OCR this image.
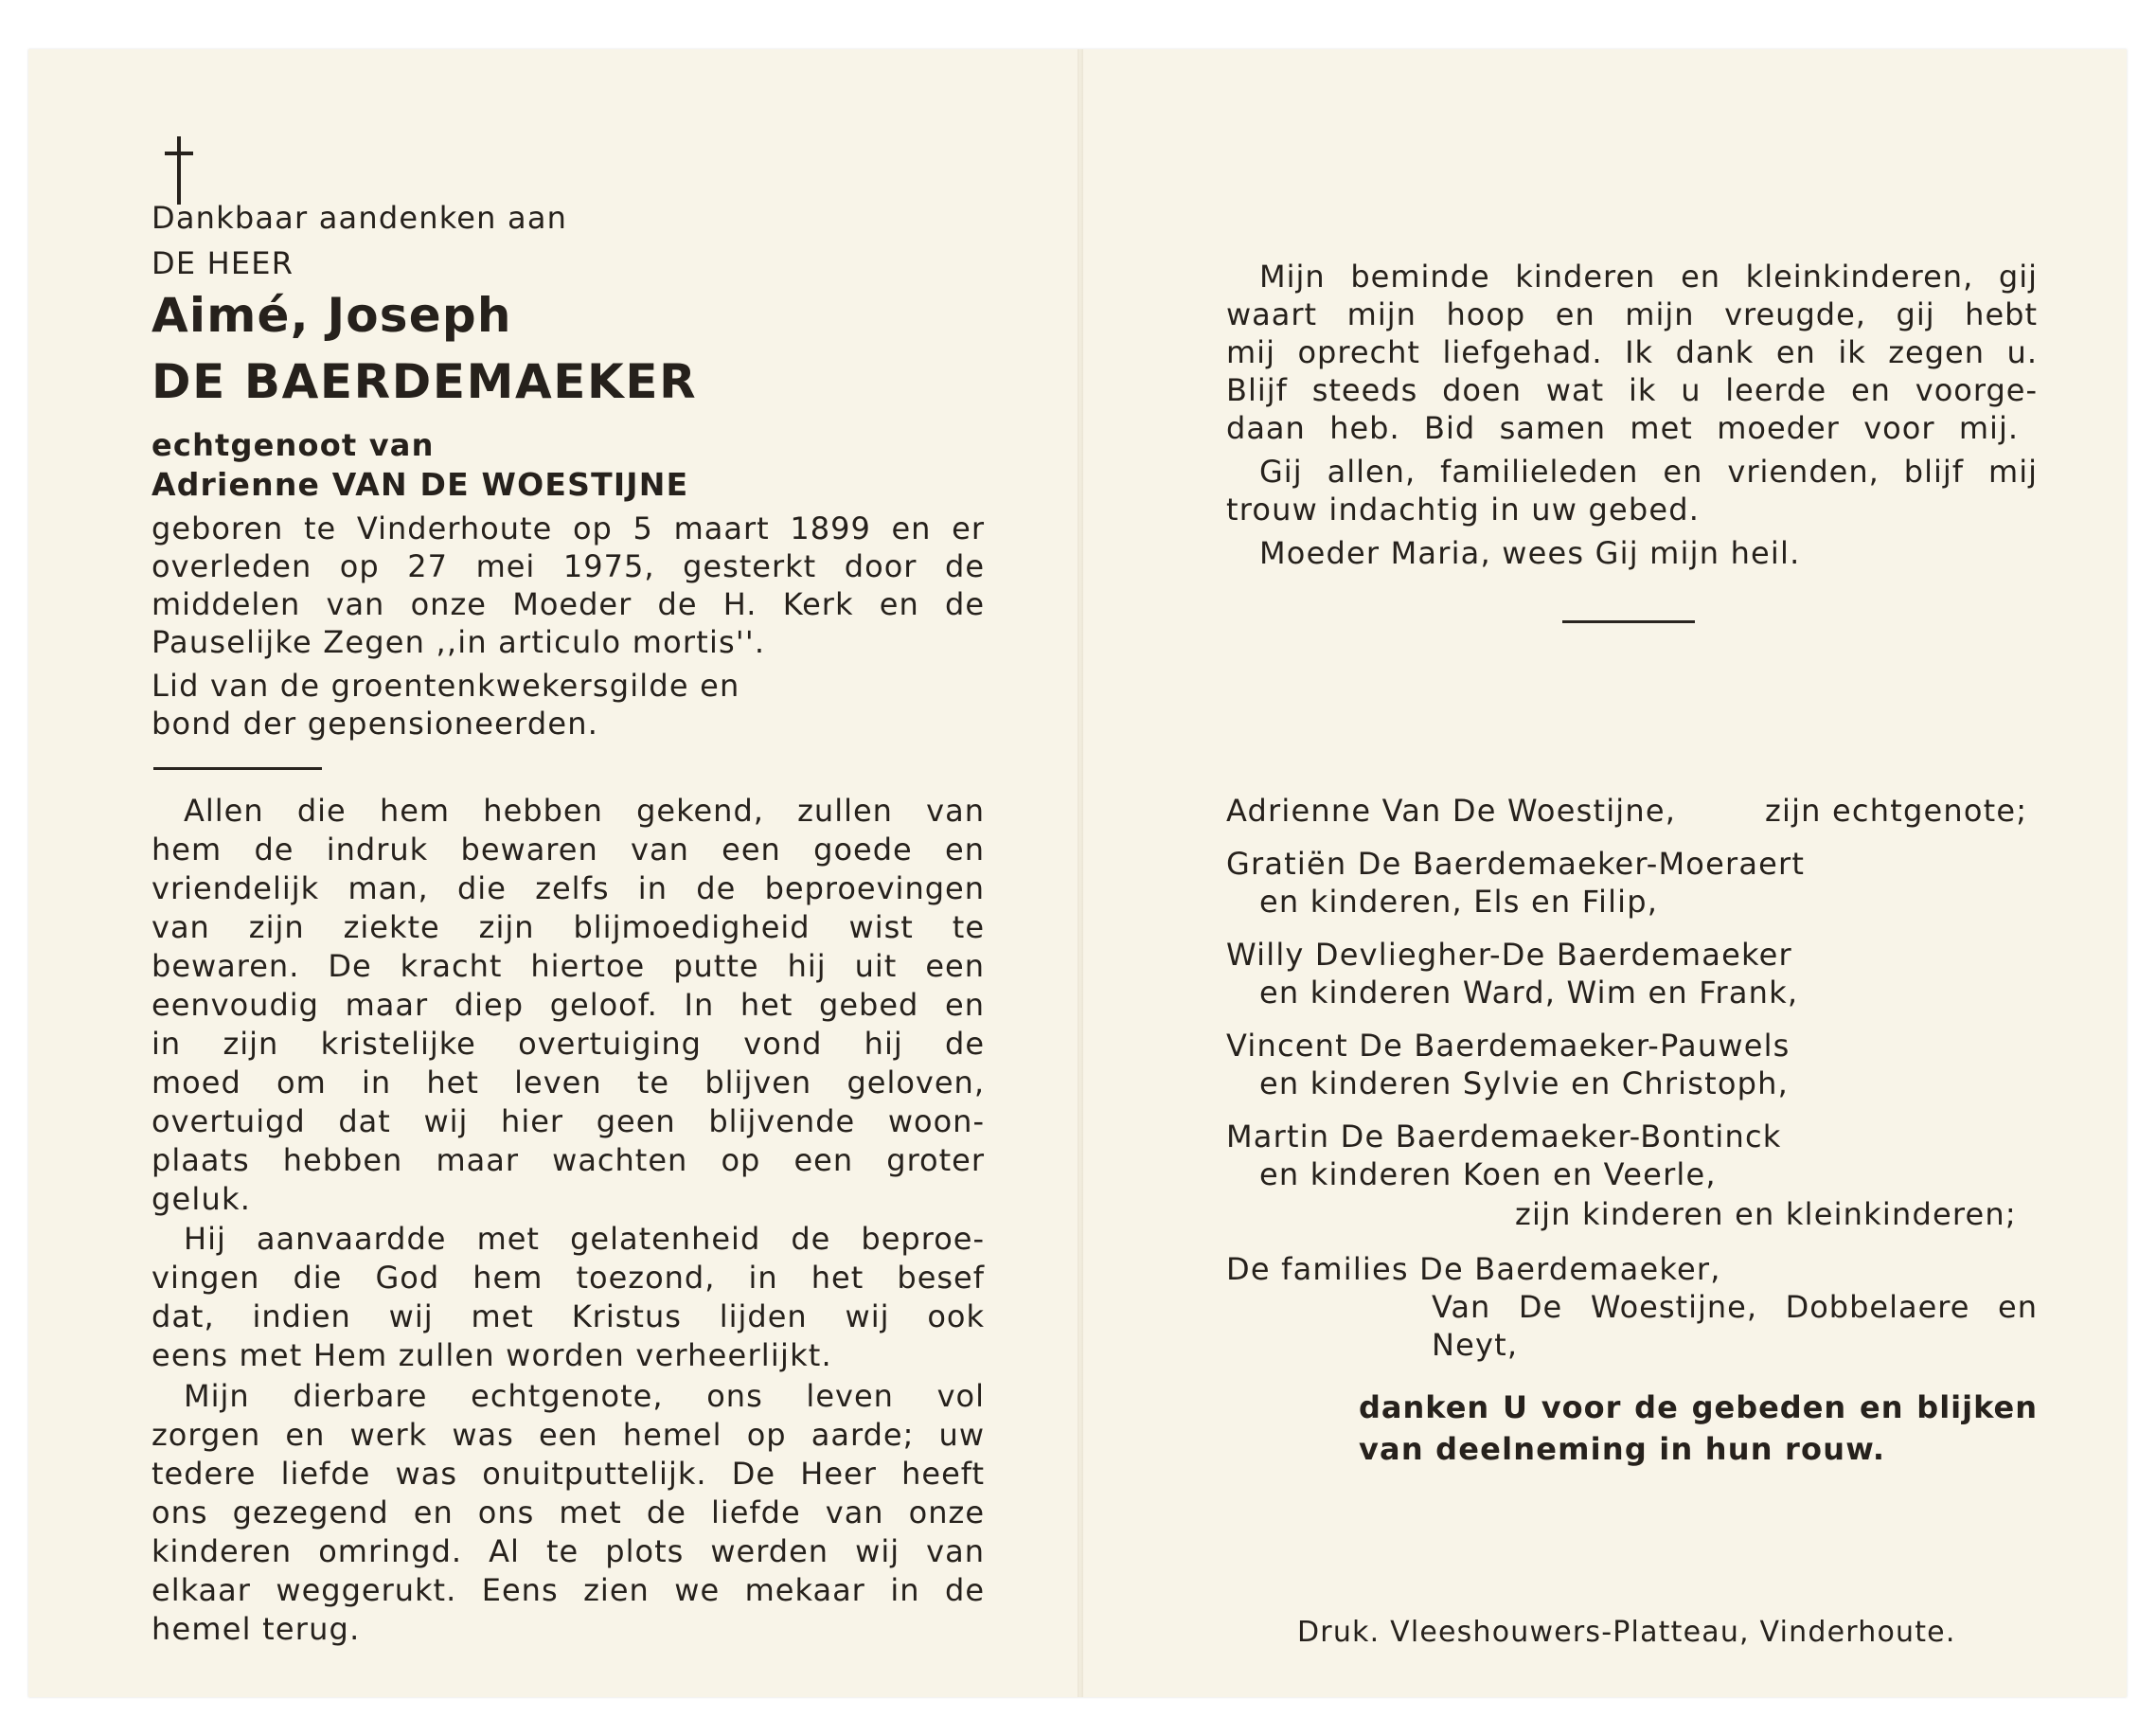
Dankbaar aandenken aan
DE HEER
Aimé, Joseph
DE BAERDEMAEKER
echtgenoot van
Adrienne VAN DE WOESTIJNE
geboren te Vinderhoute op 5 maart 1899 en er
overleden op 27 mei 1975, gesterkt door de
middelen van onze Moeder de H. Kerk en de
Pauselijke Zegen ,,in articulo mortis''.
Lid van de groentenkwekersgilde en
bond der gepensioneerden.
Allen die hem hebben gekend, zullen van
hem de indruk bewaren van een goede en
vriendelijk man, die zelfs in de beproevingen
van zijn ziekte zijn blijmoedigheid wist te
bewaren. De kracht hiertoe putte hij uit een
eenvoudig maar diep geloof. In het gebed en
in zijn kristelijke overtuiging vond hij de
moed om in het leven te blijven geloven,
overtuigd dat wij hier geen blijvende woon-
plaats hebben maar wachten op een groter
geluk.
Hij aanvaardde met gelatenheid de beproe-
vingen die God hem toezond, in het besef
dat, indien wij met Kristus lijden wij ook
eens met Hem zullen worden verheerlijkt.
Mijn dierbare echtgenote, ons leven vol
zorgen en werk was een hemel op aarde; uw
tedere liefde was onuitputtelijk. De Heer heeft
ons gezegend en ons met de liefde van onze
kinderen omringd. Al te plots werden wij van
elkaar weggerukt. Eens zien we mekaar in de
hemel terug.
Mijn beminde kinderen en kleinkinderen, gij
waart mijn hoop en mijn vreugde, gij hebt
mij oprecht liefgehad. Ik dank en ik zegen u.
Blijf steeds doen wat ik u leerde en voorge-
daan heb. Bid samen met moeder voor mij.
Gij allen, familieleden en vrienden, blijf mij
trouw indachtig in uw gebed.
Moeder Maria, wees Gij mijn heil.
Adrienne Van De Woestijne,	zijn echtgenote;
Gratiën De Baerdemaeker-Moeraert
en kinderen, Els en Filip,
Willy Devliegher-De Baerdemaeker
en kinderen Ward, Wim en Frank,
Vincent De Baerdemaeker-Pauwels
en kinderen Sylvie en Christoph,
Martin De Baerdemaeker-Bontinck
en kinderen Koen en Veerle,
zijn kinderen en kleinkinderen;
De families De Baerdemaeker,
Van De Woestijne, Dobbelaere en
Neyt,
danken U voor de gebeden en blijken
van deelneming in hun rouw.
Druk. Vleeshouwers-Platteau, Vinderhoute.
